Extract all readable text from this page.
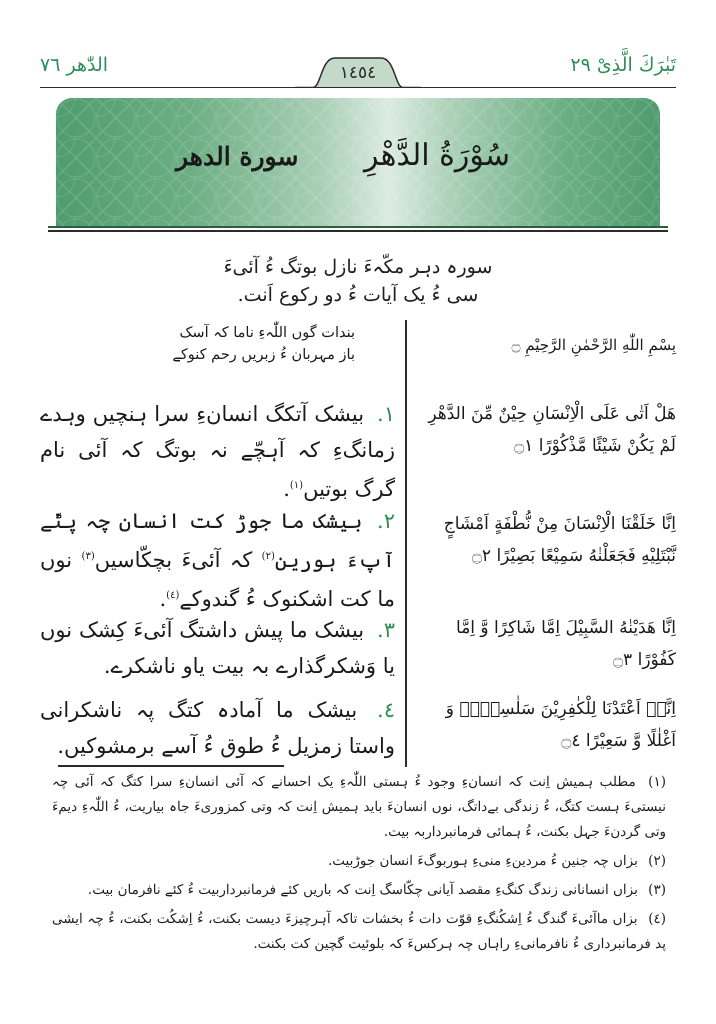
الدّٰھر ٧٦	١٤٥٤	تَبٰرَكَ الَّذِیْ ٢٩
سُوْرَةُ الدَّهْرِ
سورة الدھر
سورہ دہر مکّہءَ نازل بوتگ ءُ آئیءَ
سی ءُ یک آیات ءُ دو رکوع اَنت.
بِسْمِ اللّٰهِ الرَّحْمٰنِ الرَّحِیْمِ ۝
بندات گوں اللّٰہءِ ناما کہ آسک
باز مہربان ءُ زبریں رحم کنوکے
هَلْ اَتٰی عَلَی الْاِنْسَانِ حِیْنٌ مِّنَ الدَّهْرِ لَمْ یَكُنْ شَیْئًا مَّذْكُوْرًا ۝١
١. بیشک آتکگ انسانءِ سرا ہنچیں وہدے زمانگءِ کہ آہچّے نہ بوتگ کہ آئی نام گرگ بوتیں$^{(١)}$.
اِنَّا خَلَقْنَا الْاِنْسَانَ مِنْ نُّطْفَةٍ اَمْشَاجٍ نَّبْتَلِیْهِ فَجَعَلْنٰهُ سَمِیْعًا بَصِیْرًا ۝٢
٢. بیشک ما جوڑ کت انسان چہ پٹّے آپءَ ہورین$^{(٢)}$ کہ آئیءَ بچکّاسیں$^{(٣)}$ نوں ما کت اشکنوک ءُ گندوکے$^{(٤)}$.
اِنَّا هَدَیْنٰهُ السَّبِیْلَ اِمَّا شَاكِرًا وَّ اِمَّا كَفُوْرًا ۝٣
٣. بیشک ما پیش داشتگ آئیءَ کِشک نوں یا وَشکرگذارے بہ بیت یاو ناشکرے.
اِنَّاۤ اَعْتَدْنَا لِلْكٰفِرِیْنَ سَلٰسِلَا۠ وَ اَغْلٰلًا وَّ سَعِیْرًا ۝٤
٤. بیشک ما آمادہ کتگ پہ ناشکرانی واستا زمزیل ءُ طوق ءُ آسے برمشوکیں.
(١) مطلب ہمیش اِنت کہ انسانءِ وجود ءُ ہستی اللّٰہءِ یک احسانے کہ آئی انسانءِ سرا کتگ کہ آئی چہ نیستیءَ ہست کتگ، ءُ زندگی بےداتگ، نوں انسانءَ باید ہمیش اِنت کہ وتی کمزوریءَ جاہ بیاریت، ءُ اللّٰہءِ دیمءَ وتی گردنءَ جہل بکنت، ءُ ہمائی فرمانبرداربہ بیت.
(٢) بزاں چہ جنین ءُ مردینءِ منیءِ ہوربوگءَ انسان جوڑبیت.
(٣) بزاں انسانانی زندگ کنگءِ مقصد آیانی چکّاسگ اِنت کہ باریں کئے فرمانبرداربیت ءُ کئے نافرمان بیت.
(٤) بزاں ماآئیءَ گندگ ءُ اِشکُنگءِ قوّت دات ءُ بخشات تاکہ آہرچیزءَ دیست بکنت، ءُ اِشکُت بکنت، ءُ چہ ایشی پد فرمانبرداری ءُ نافرمانیءِ راہاں چہ ہرکسءَ کہ بلوئیت گچین کت بکنت.
